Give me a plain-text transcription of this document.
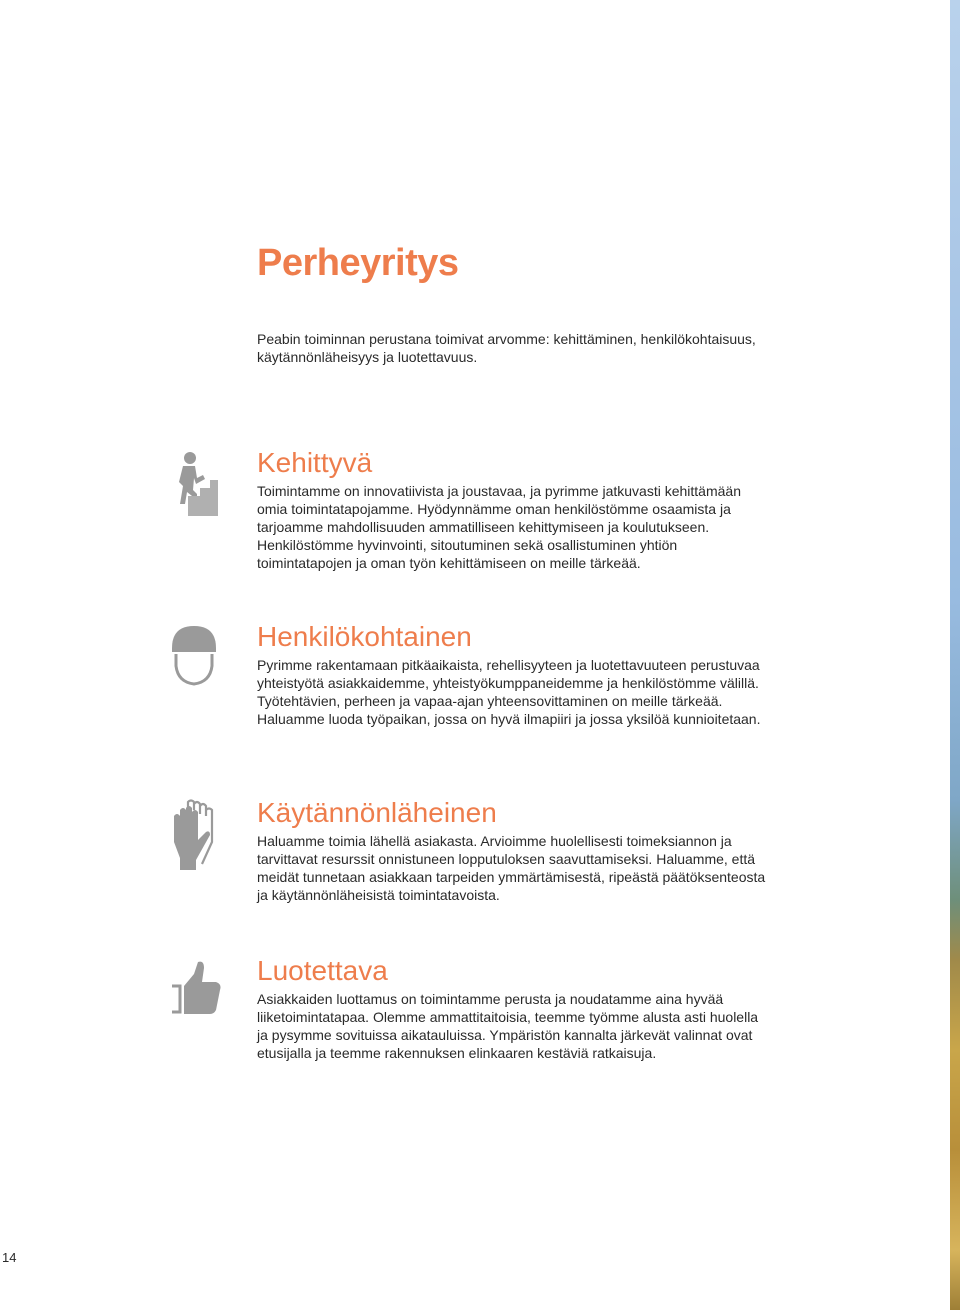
Perheyritys

Peabin toiminnan perustana toimivat arvomme: kehittäminen, henkilökohtaisuus, käytännönläheisyys ja luotettavuus.

Kehittyvä

Toimintamme on innovatiivista ja joustavaa, ja pyrimme jatkuvasti kehittämään omia toimintatapojamme. Hyödynnämme oman henkilöstömme osaamista ja tarjoamme mahdollisuuden ammatilliseen kehittymiseen ja koulutukseen. Henkilöstömme hyvinvointi, sitoutuminen sekä osallistuminen yhtiön toimintatapojen ja oman työn kehittämiseen on meille tärkeää.

Henkilökohtainen

Pyrimme rakentamaan pitkäaikaista, rehellisyyteen ja luotettavuuteen perustuvaa yhteistyötä asiakkaidemme, yhteistyökumppaneidemme ja henkilöstömme välillä. Työtehtävien, perheen ja vapaa-ajan yhteensovittaminen on meille tärkeää. Haluamme luoda työpaikan, jossa on hyvä ilmapiiri ja jossa yksilöä kunnioitetaan.

Käytännönläheinen

Haluamme toimia lähellä asiakasta. Arvioimme huolellisesti toimeksiannon ja tarvittavat resurssit onnistuneen lopputuloksen saavuttamiseksi. Haluamme, että meidät tunnetaan asiakkaan tarpeiden ymmärtämisestä, ripeästä päätöksenteosta ja käytännönläheisistä toimintatavoista.

Luotettava

Asiakkaiden luottamus on toimintamme perusta ja noudatamme aina hyvää liiketoimintatapaa. Olemme ammattitaitoisia, teemme työmme alusta asti huolella ja pysymme sovituissa aikatauluissa. Ympäristön kannalta järkevät valinnat ovat etusijalla ja teemme rakennuksen elinkaaren kestäviä ratkaisuja.

14
